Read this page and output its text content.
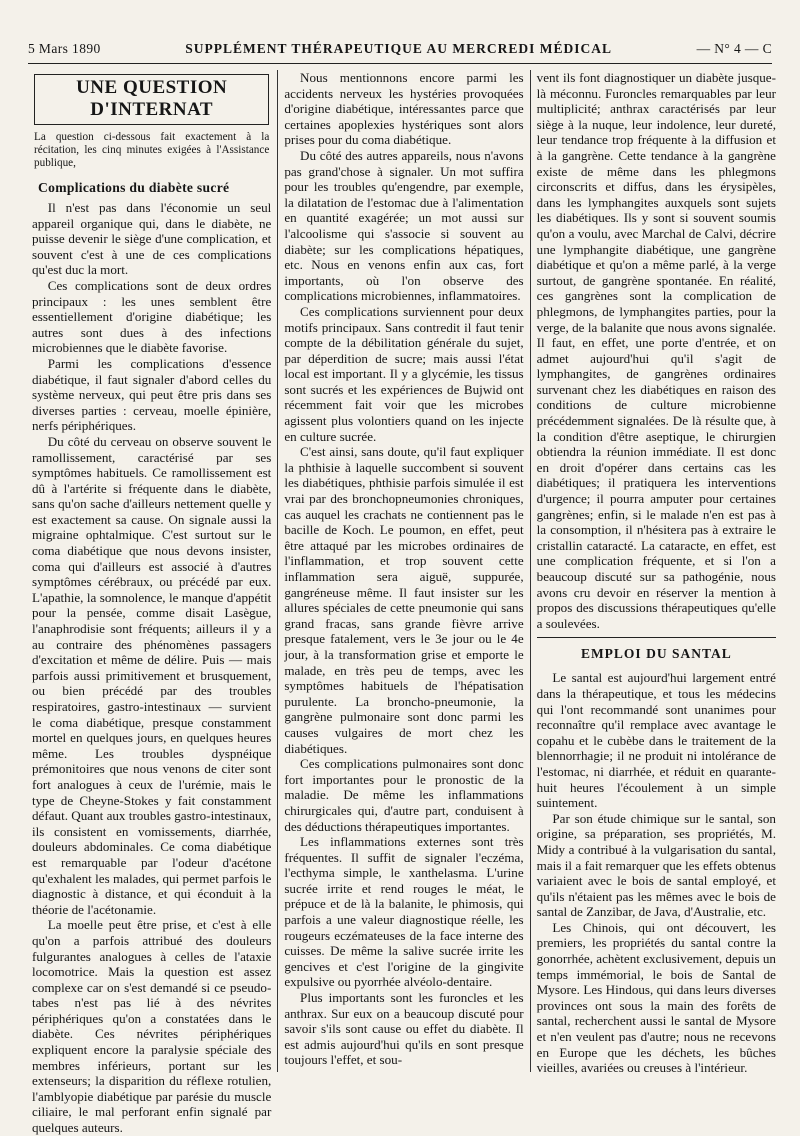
5 Mars 1890	SUPPLÉMENT THÉRAPEUTIQUE AU MERCREDI MÉDICAL	— N° 4 — C
UNE QUESTION D'INTERNAT
La question ci-dessous fait exactement à la récitation, les cinq minutes exigées à l'Assistance publique,
Complications du diabète sucré

Il n'est pas dans l'économie un seul appareil organique qui, dans le diabète, ne puisse devenir le siège d'une complication, et souvent c'est à une de ces complications qu'est duc la mort.

Ces complications sont de deux ordres principaux : les unes semblent être essentiellement d'origine diabétique; les autres sont dues à des infections microbiennes que le diabète favorise.

Parmi les complications d'essence diabétique, il faut signaler d'abord celles du système nerveux, qui peut être pris dans ses diverses parties : cerveau, moelle épinière, nerfs périphériques.

Du côté du cerveau on observe souvent le ramollissement, caractérisé par ses symptômes habituels. Ce ramollissement est dû à l'artérite si fréquente dans le diabète, sans qu'on sache d'ailleurs nettement quelle y est exactement sa cause. On signale aussi la migraine ophtalmique. C'est surtout sur le coma diabétique que nous devons insister, coma qui d'ailleurs est associé à d'autres symptômes cérébraux, ou précédé par eux. L'apathie, la somnolence, le manque d'appétit pour la pensée, comme disait Lasègue, l'anaphrodisie sont fréquents; ailleurs il y a au contraire des phénomènes passagers d'excitation et même de délire. Puis — mais parfois aussi primitivement et brusquement, ou bien précédé par des troubles respiratoires, gastro-intestinaux — survient le coma diabétique, presque constamment mortel en quelques jours, en quelques heures même. Les troubles dyspnéique prémonitoires que nous venons de citer sont fort analogues à ceux de l'urémie, mais le type de Cheyne-Stokes y fait constamment défaut. Quant aux troubles gastro-intestinaux, ils consistent en vomissements, diarrhée, douleurs abdominales. Ce coma diabétique est remarquable par l'odeur d'acétone qu'exhalent les malades, qui permet parfois le diagnostic à distance, et qui éconduit à la théorie de l'acétonamie.

La moelle peut être prise, et c'est à elle qu'on a parfois attribué des douleurs fulgurantes analogues à celles de l'ataxie locomotrice. Mais la question est assez complexe car on s'est demandé si ce pseudo-tabes n'est pas lié à des névrites périphériques qu'on a constatées dans le diabète. Ces névrites périphériques expliquent encore la paralysie spéciale des membres inférieurs, portant sur les extenseurs; la disparition du réflexe rotulien, l'amblyopie diabétique par parésie du muscle ciliaire, le mal perforant enfin signalé par quelques auteurs.

Nous mentionnons encore parmi les accidents nerveux les hystéries provoquées d'origine diabétique, intéressantes parce que certaines apoplexies hystériques sont alors prises pour du coma diabétique.

Du côté des autres appareils, nous n'avons pas grand'chose à signaler. Un mot suffira pour les troubles qu'engendre, par exemple, la dilatation de l'estomac due à l'alimentation en quantité exagérée; un mot aussi sur l'alcoolisme qui s'associe si souvent au diabète; sur les complications hépatiques, etc. Nous en venons enfin aux cas, fort importants, où l'on observe des complications microbiennes, inflammatoires.

Ces complications surviennent pour deux motifs principaux. Sans contredit il faut tenir compte de la débilitation générale du sujet, par déperdition de sucre; mais aussi l'état local est important. Il y a glycémie, les tissus sont sucrés et les expériences de Bujwid ont récemment fait voir que les microbes agissent plus volontiers quand on les injecte en culture sucrée.

C'est ainsi, sans doute, qu'il faut expliquer la phthisie à laquelle succombent si souvent les diabétiques, phthisie parfois simulée il est vrai par des bronchopneumonies chroniques, cas auquel les crachats ne contiennent pas le bacille de Koch. Le poumon, en effet, peut être attaqué par les microbes ordinaires de l'inflammation, et trop souvent cette inflammation sera aiguë, suppurée, gangréneuse même. Il faut insister sur les allures spéciales de cette pneumonie qui sans grand fracas, sans grande fièvre arrive presque fatalement, vers le 3e jour ou le 4e jour, à la transformation grise et emporte le malade, en très peu de temps, avec les symptômes habituels de l'hépatisation purulente. La broncho-pneumonie, la gangrène pulmonaire sont donc parmi les causes vulgaires de mort chez les diabétiques.

Ces complications pulmonaires sont donc fort importantes pour le pronostic de la maladie. De même les inflammations chirurgicales qui, d'autre part, conduisent à des déductions thérapeutiques importantes.

Les inflammations externes sont très fréquentes. Il suffit de signaler l'eczéma, l'ecthyma simple, le xanthelasma. L'urine sucrée irrite et rend rouges le méat, le prépuce et de là la balanite, le phimosis, qui parfois a une valeur diagnostique réelle, les rougeurs eczémateuses de la face interne des cuisses. De même la salive sucrée irrite les gencives et c'est l'origine de la gingivite expulsive ou pyorrhée alvéolo-dentaire.

Plus importants sont les furoncles et les anthrax. Sur eux on a beaucoup discuté pour savoir s'ils sont cause ou effet du diabète. Il est admis aujourd'hui qu'ils en sont presque toujours l'effet, et sou-

vent ils font diagnostiquer un diabète jusque-là méconnu. Furoncles remarquables par leur multiplicité; anthrax caractérisés par leur siège à la nuque, leur indolence, leur dureté, leur tendance trop fréquente à la diffusion et à la gangrène. Cette tendance à la gangrène existe de même dans les phlegmons circonscrits et diffus, dans les érysipèles, dans les lymphangites auxquels sont sujets les diabétiques. Ils y sont si souvent soumis qu'on a voulu, avec Marchal de Calvi, décrire une lymphangite diabétique, une gangrène diabétique et qu'on a même parlé, à la verge surtout, de gangrène spontanée. En réalité, ces gangrènes sont la complication de phlegmons, de lymphangites parties, pour la verge, de la balanite que nous avons signalée. Il faut, en effet, une porte d'entrée, et on admet aujourd'hui qu'il s'agit de lymphangites, de gangrènes ordinaires survenant chez les diabétiques en raison des conditions de culture microbienne précédemment signalées. De là résulte que, à la condition d'être aseptique, le chirurgien obtiendra la réunion immédiate. Il est donc en droit d'opérer dans certains cas les diabétiques; il pratiquera les interventions d'urgence; il pourra amputer pour certaines gangrènes; enfin, si le malade n'en est pas à la consomption, il n'hésitera pas à extraire le cristallin cataracté. La cataracte, en effet, est une complication fréquente, et si l'on a beaucoup discuté sur sa pathogénie, nous avons cru devoir en réserver la mention à propos des discussions thérapeutiques qu'elle a soulevées.

EMPLOI DU SANTAL

Le santal est aujourd'hui largement entré dans la thérapeutique, et tous les médecins qui l'ont recommandé sont unanimes pour reconnaître qu'il remplace avec avantage le copahu et le cubèbe dans le traitement de la blennorrhagie; il ne produit ni intolérance de l'estomac, ni diarrhée, et réduit en quarante-huit heures l'écoulement à un simple suintement.

Par son étude chimique sur le santal, son origine, sa préparation, ses propriétés, M. Midy a contribué à la vulgarisation du santal, mais il a fait remarquer que les effets obtenus variaient avec le bois de santal employé, et qu'ils n'étaient pas les mêmes avec le bois de santal de Zanzibar, de Java, d'Australie, etc.

Les Chinois, qui ont découvert, les premiers, les propriétés du santal contre la gonorrhée, achètent exclusivement, depuis un temps immémorial, le bois de Santal de Mysore. Les Hindous, qui dans leurs diverses provinces ont sous la main des forêts de santal, recherchent aussi le santal de Mysore et n'en veulent pas d'autre; nous ne recevons en Europe que les déchets, les bûches vieilles, avariées ou creuses à l'intérieur.
